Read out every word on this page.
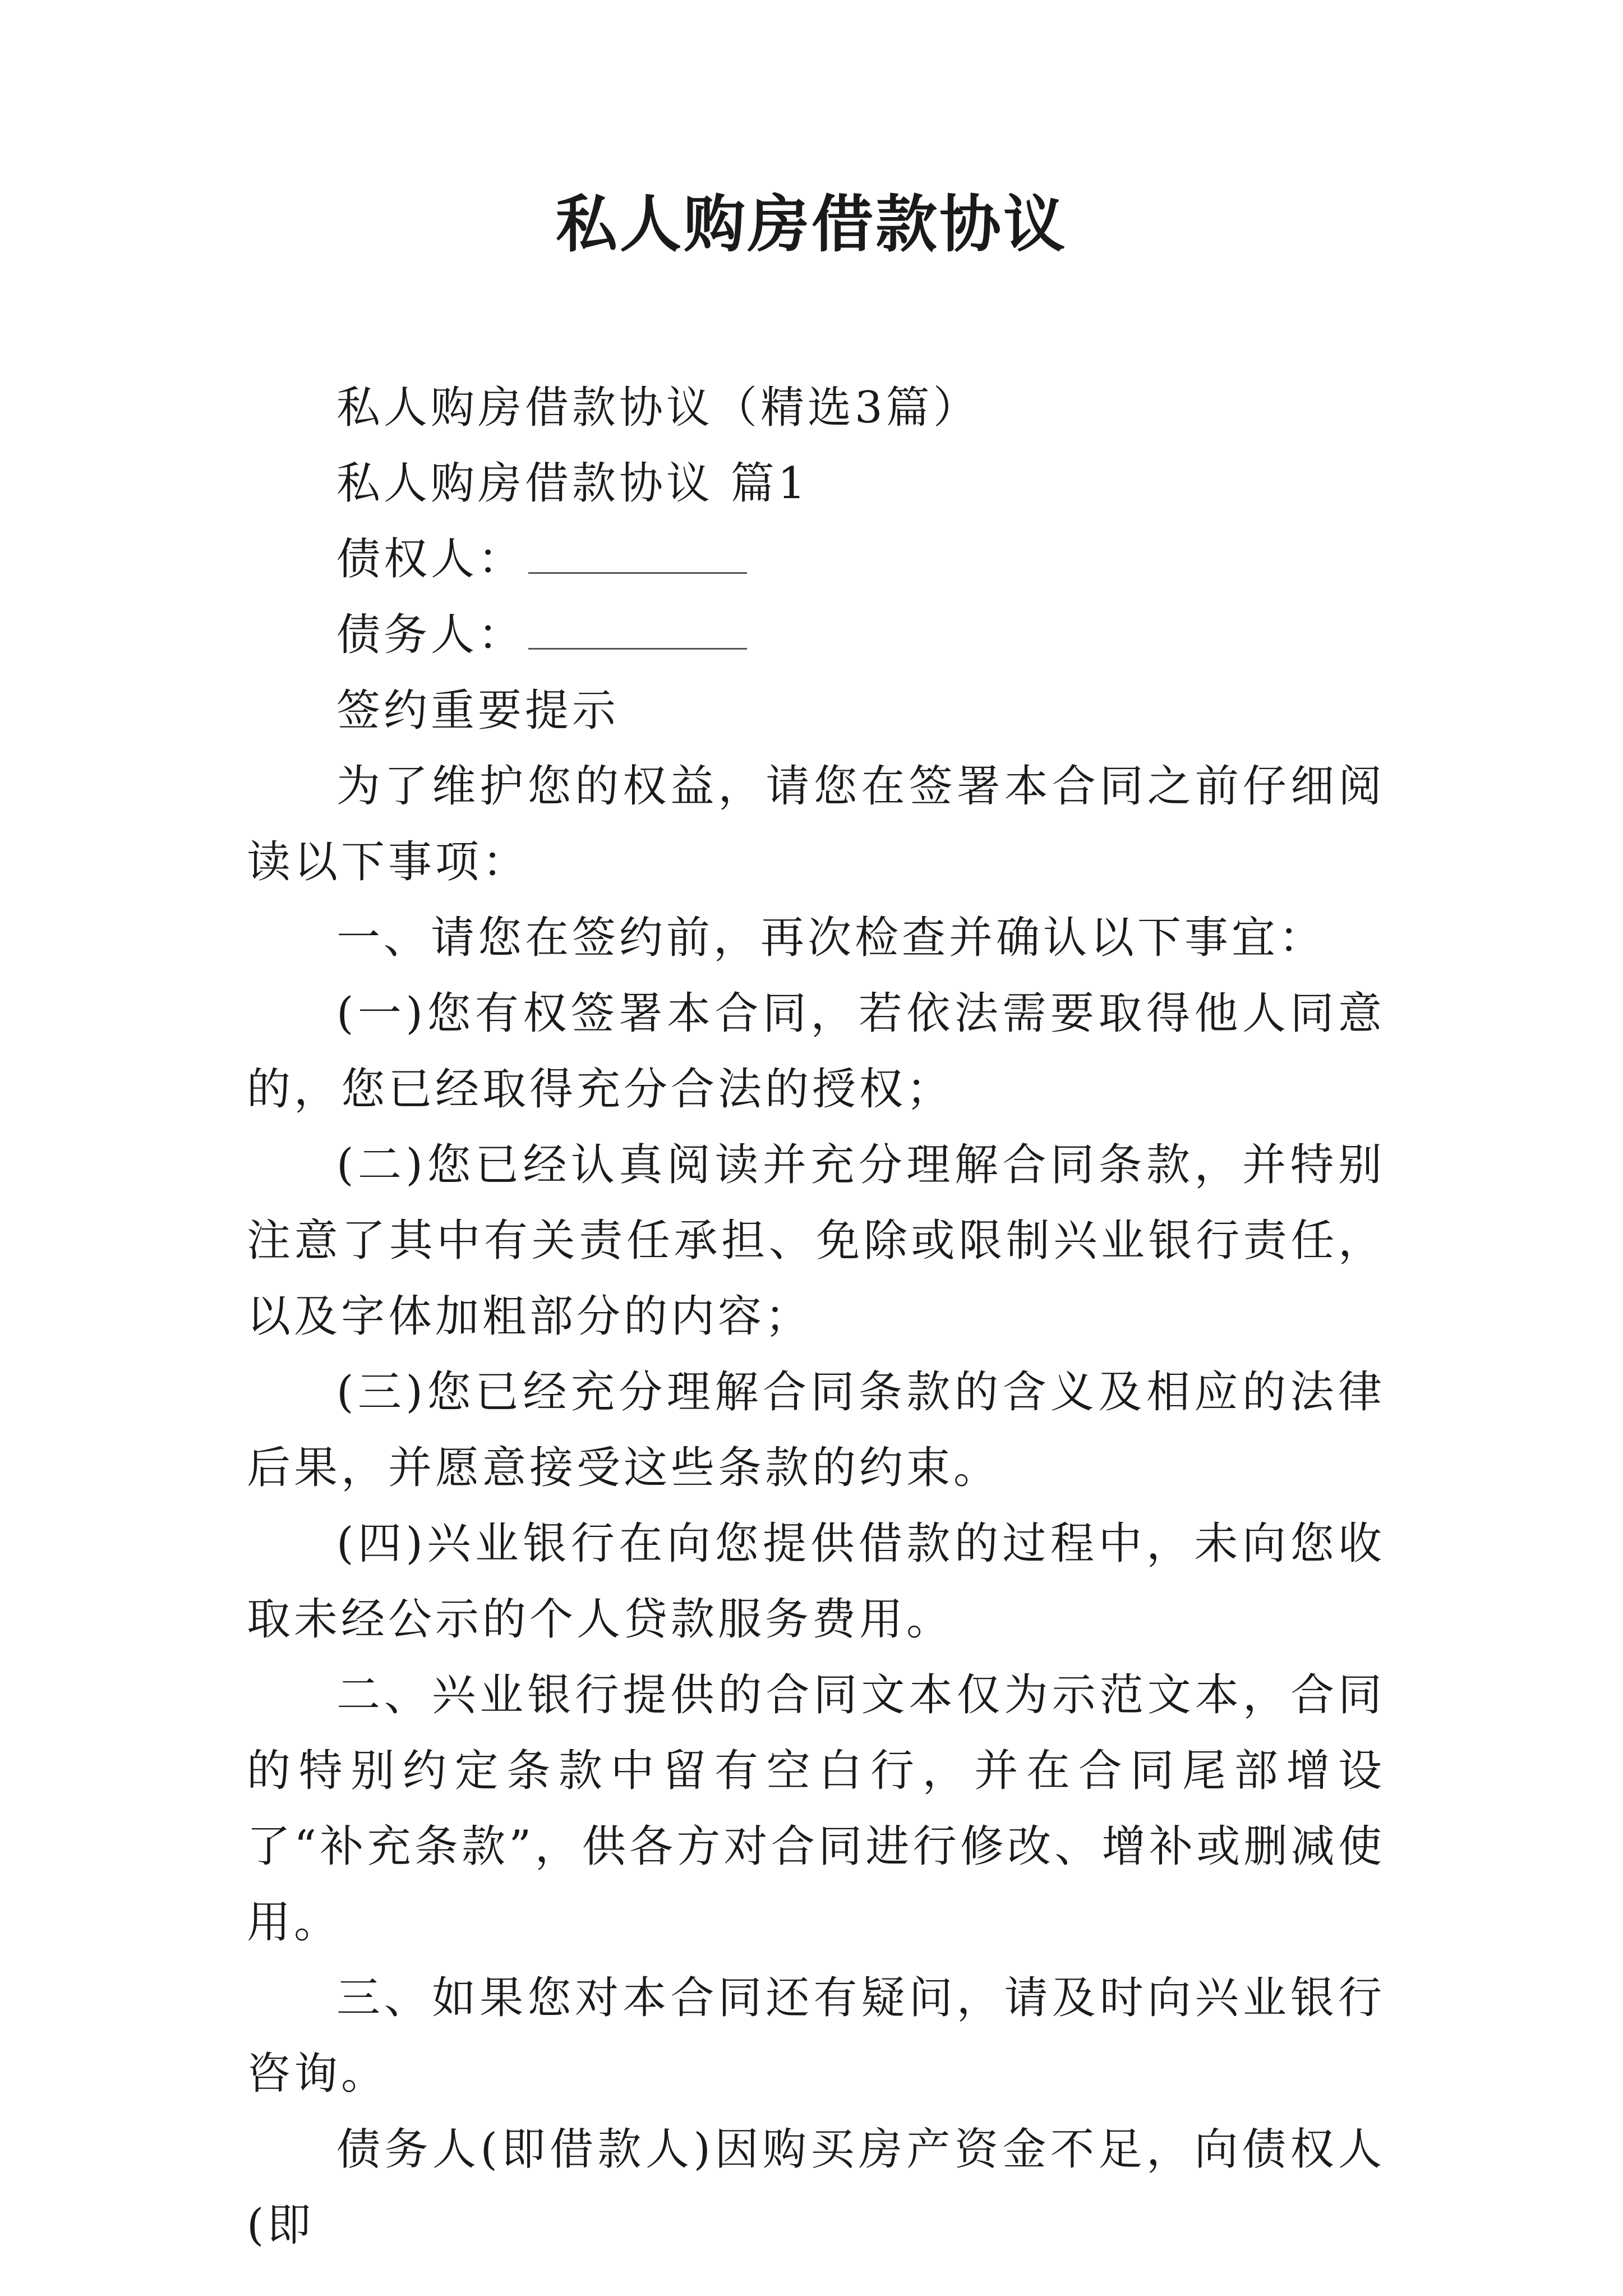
私人购房借款协议

私人购房借款协议（精选3篇）

私人购房借款协议 篇1

债权人：

债务人：

签约重要提示

为了维护您的权益，请您在签署本合同之前仔细阅读以下事项：

一、请您在签约前，再次检查并确认以下事宜：

(一)您有权签署本合同，若依法需要取得他人同意的，您已经取得充分合法的授权；

(二)您已经认真阅读并充分理解合同条款，并特别注意了其中有关责任承担、免除或限制兴业银行责任，以及字体加粗部分的内容；

(三)您已经充分理解合同条款的含义及相应的法律后果，并愿意接受这些条款的约束。

(四)兴业银行在向您提供借款的过程中，未向您收取未经公示的个人贷款服务费用。

二、兴业银行提供的合同文本仅为示范文本，合同的特别约定条款中留有空白行，并在合同尾部增设了“补充条款”，供各方对合同进行修改、增补或删减使用。

三、如果您对本合同还有疑问，请及时向兴业银行咨询。

债务人(即借款人)因购买房产资金不足，向债权人(即
